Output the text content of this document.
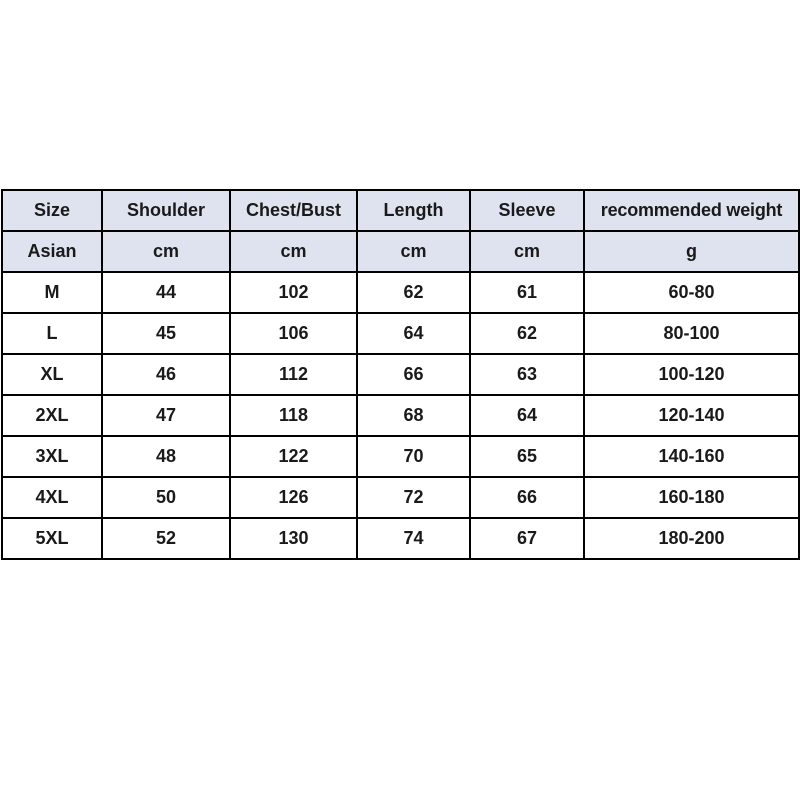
Size	Shoulder	Chest/Bust	Length	Sleeve	recommended weight
Asian	cm	cm	cm	cm	g
M	44	102	62	61	60-80
L	45	106	64	62	80-100
XL	46	112	66	63	100-120
2XL	47	118	68	64	120-140
3XL	48	122	70	65	140-160
4XL	50	126	72	66	160-180
5XL	52	130	74	67	180-200
